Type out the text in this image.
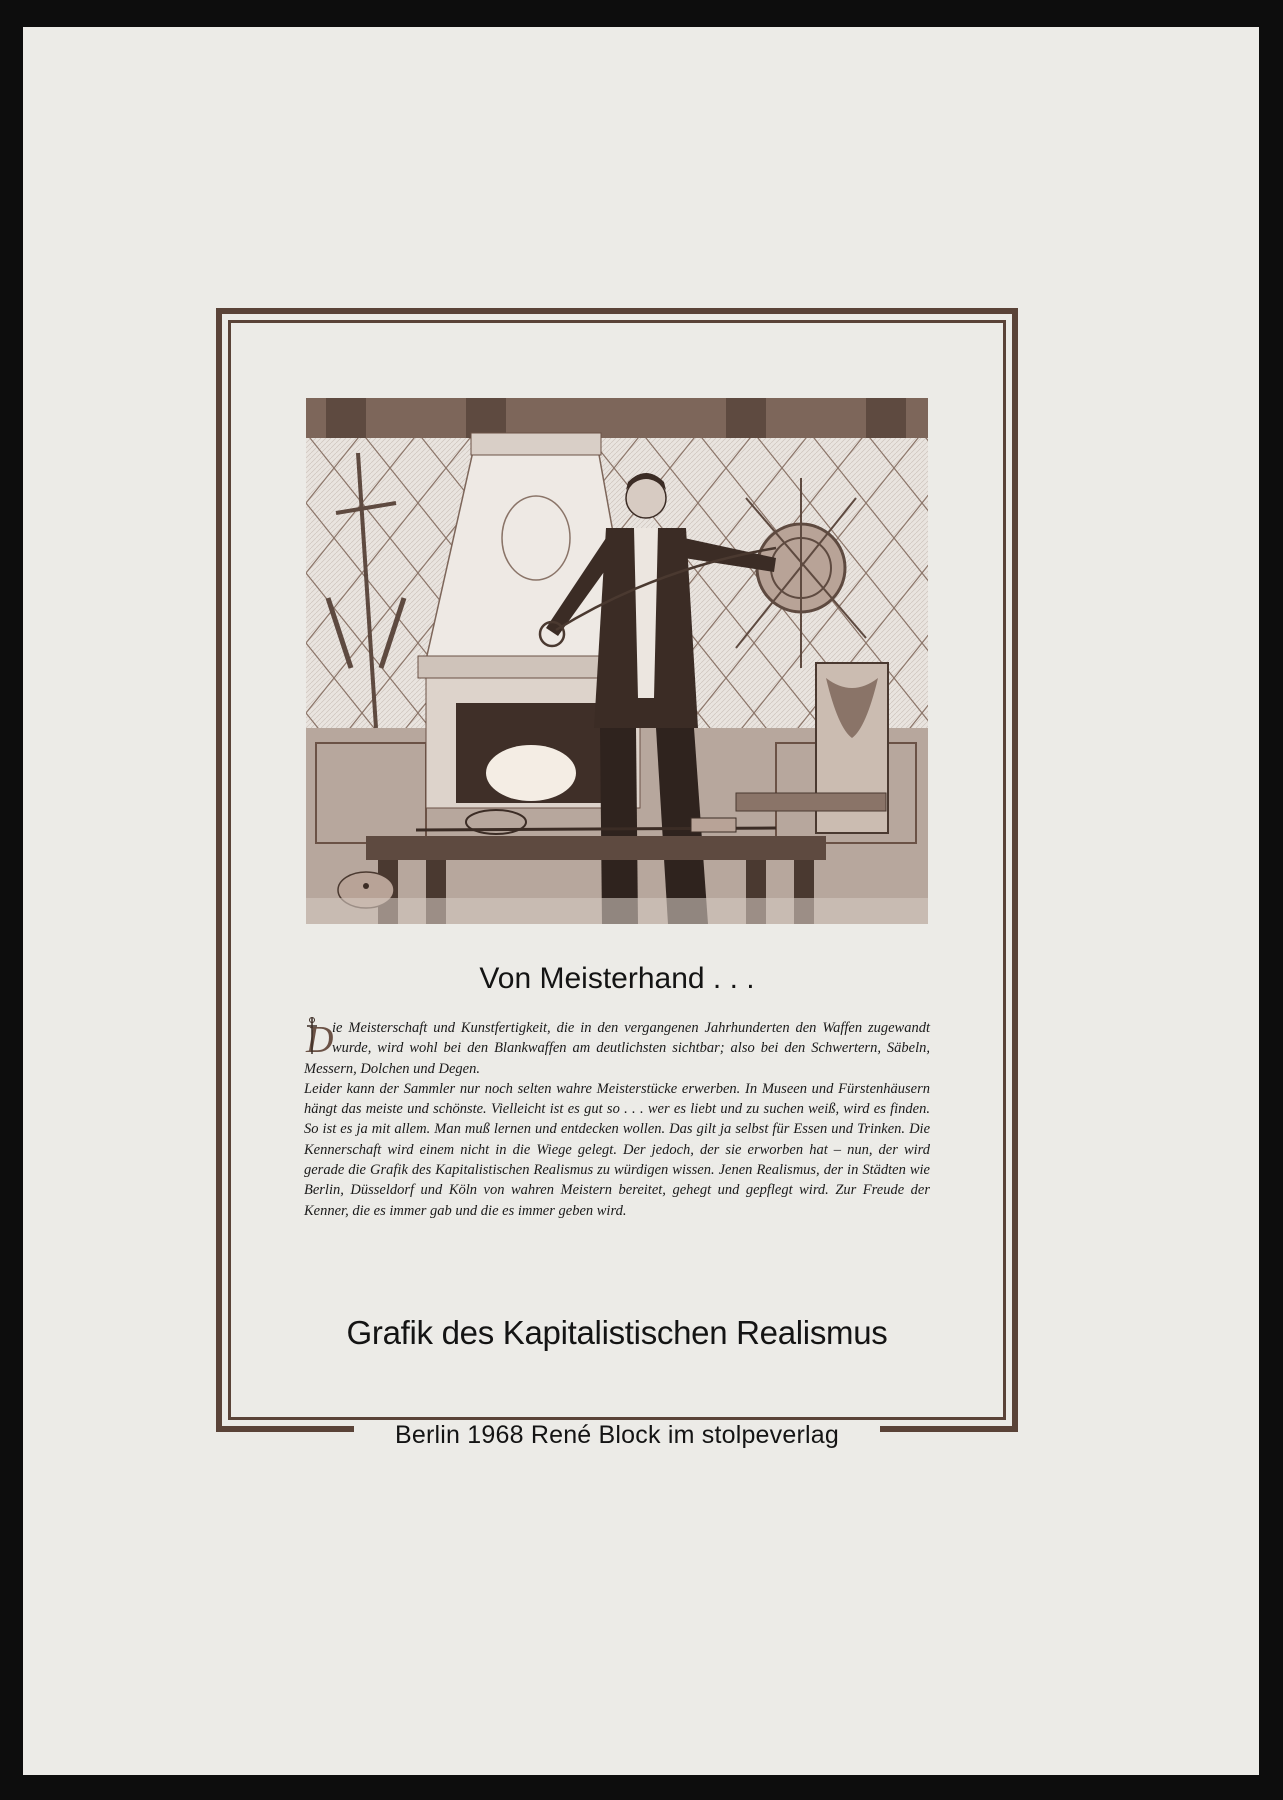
Berlin 1968 René Block im stolpeverlag
Von Meisterhand . . .
D

ie Meisterschaft und Kunstfertigkeit, die in den vergangenen Jahrhunderten den Waffen zugewandt wurde, wird wohl bei den Blankwaffen am deutlichsten sichtbar; also bei den Schwertern, Säbeln, Messern, Dolchen und Degen.

Leider kann der Sammler nur noch selten wahre Meisterstücke erwerben. In Museen und Fürstenhäusern hängt das meiste und schönste. Vielleicht ist es gut so . . . wer es liebt und zu suchen weiß, wird es finden. So ist es ja mit allem. Man muß lernen und entdecken wollen. Das gilt ja selbst für Essen und Trinken. Die Kennerschaft wird einem nicht in die Wiege gelegt. Der jedoch, der sie erworben hat – nun, der wird gerade die Grafik des Kapitalistischen Realismus zu würdigen wissen. Jenen Realismus, der in Städten wie Berlin, Düsseldorf und Köln von wahren Meistern bereitet, gehegt und gepflegt wird. Zur Freude der Kenner, die es immer gab und die es immer geben wird.

Grafik des Kapitalistischen Realismus
